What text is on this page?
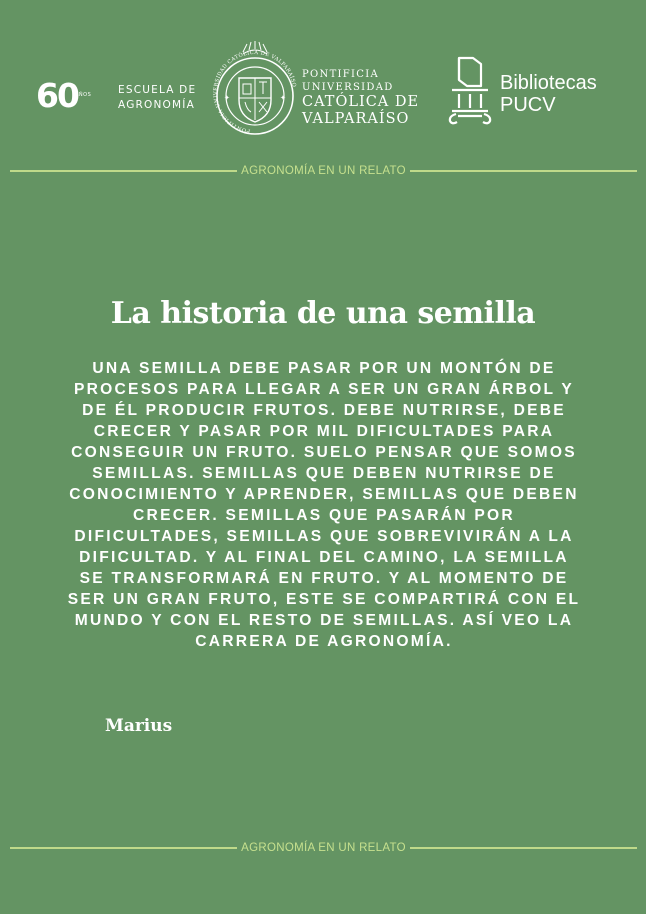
60
AÑOS	ESCUELA DE
AGRONOMÍA
PONTIFICIA UNIVERSIDAD CATÓLICA DE VALPARAÍSO
✦	✦
PONTIFICIA
UNIVERSIDAD
CATÓLICA DE
VALPARAÍSO
Bibliotecas
PUCV
AGRONOMÍA EN UN RELATO
La historia de una semilla
UNA SEMILLA DEBE PASAR POR UN MONTÓN DE PROCESOS PARA LLEGAR A SER UN GRAN ÁRBOL Y DE ÉL PRODUCIR FRUTOS. DEBE NUTRIRSE, DEBE CRECER Y PASAR POR MIL DIFICULTADES PARA CONSEGUIR UN FRUTO. SUELO PENSAR QUE SOMOS SEMILLAS. SEMILLAS QUE DEBEN NUTRIRSE DE CONOCIMIENTO Y APRENDER, SEMILLAS QUE DEBEN CRECER. SEMILLAS QUE PASARÁN POR DIFICULTADES, SEMILLAS QUE SOBREVIVIRÁN A LA DIFICULTAD. Y AL FINAL DEL CAMINO, LA SEMILLA SE TRANSFORMARÁ EN FRUTO. Y AL MOMENTO DE SER UN GRAN FRUTO, ESTE SE COMPARTIRÁ CON EL MUNDO Y CON EL RESTO DE SEMILLAS. ASÍ VEO LA CARRERA DE AGRONOMÍA.
Marius
AGRONOMÍA EN UN RELATO
